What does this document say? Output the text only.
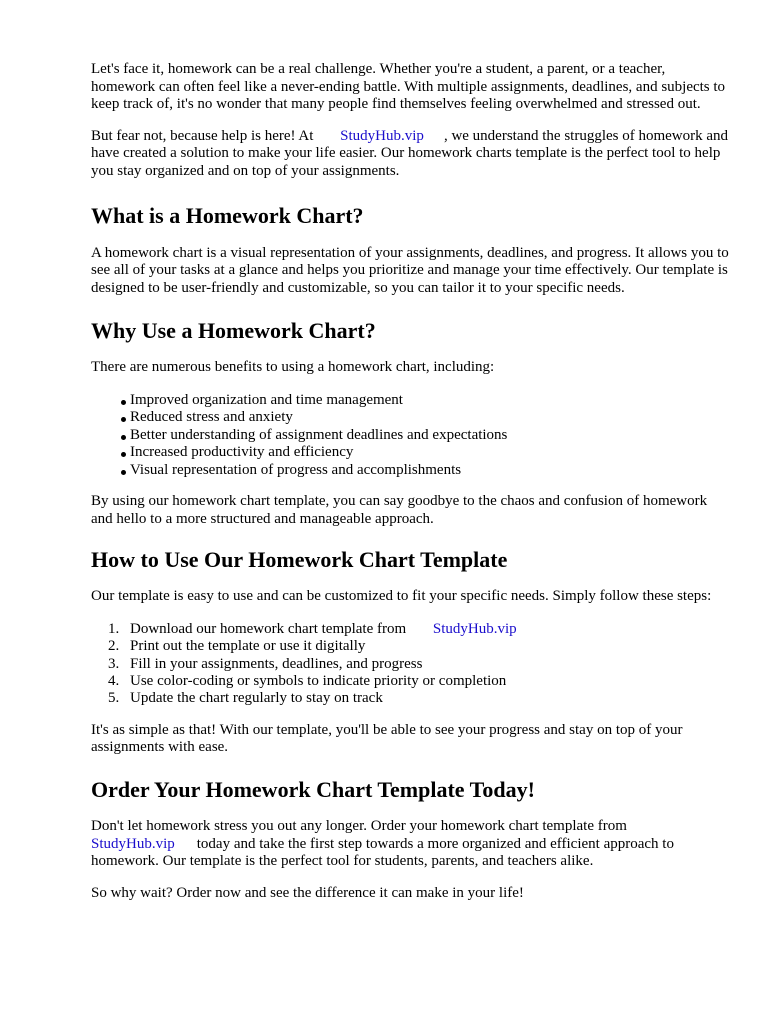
Let's face it, homework can be a real challenge. Whether you're a student, a parent, or a teacher, homework can often feel like a never-ending battle. With multiple assignments, deadlines, and subjects to keep track of, it's no wonder that many people find themselves feeling overwhelmed and stressed out.

But fear not, because help is here! At StudyHub.vip , we understand the struggles of homework and have created a solution to make your life easier. Our homework charts template is the perfect tool to help you stay organized and on top of your assignments.

What is a Homework Chart?

A homework chart is a visual representation of your assignments, deadlines, and progress. It allows you to see all of your tasks at a glance and helps you prioritize and manage your time effectively. Our template is designed to be user-friendly and customizable, so you can tailor it to your specific needs.

Why Use a Homework Chart?

There are numerous benefits to using a homework chart, including:

Improved organization and time management
Reduced stress and anxiety
Better understanding of assignment deadlines and expectations
Increased productivity and efficiency
Visual representation of progress and accomplishments

By using our homework chart template, you can say goodbye to the chaos and confusion of homework and hello to a more structured and manageable approach.

How to Use Our Homework Chart Template

Our template is easy to use and can be customized to fit your specific needs. Simply follow these steps:

1. Download our homework chart template from StudyHub.vip
2. Print out the template or use it digitally
3. Fill in your assignments, deadlines, and progress
4. Use color-coding or symbols to indicate priority or completion
5. Update the chart regularly to stay on track

It's as simple as that! With our template, you'll be able to see your progress and stay on top of your assignments with ease.

Order Your Homework Chart Template Today!

Don't let homework stress you out any longer. Order your homework chart template from StudyHub.vip today and take the first step towards a more organized and efficient approach to homework. Our template is the perfect tool for students, parents, and teachers alike.

So why wait? Order now and see the difference it can make in your life!
